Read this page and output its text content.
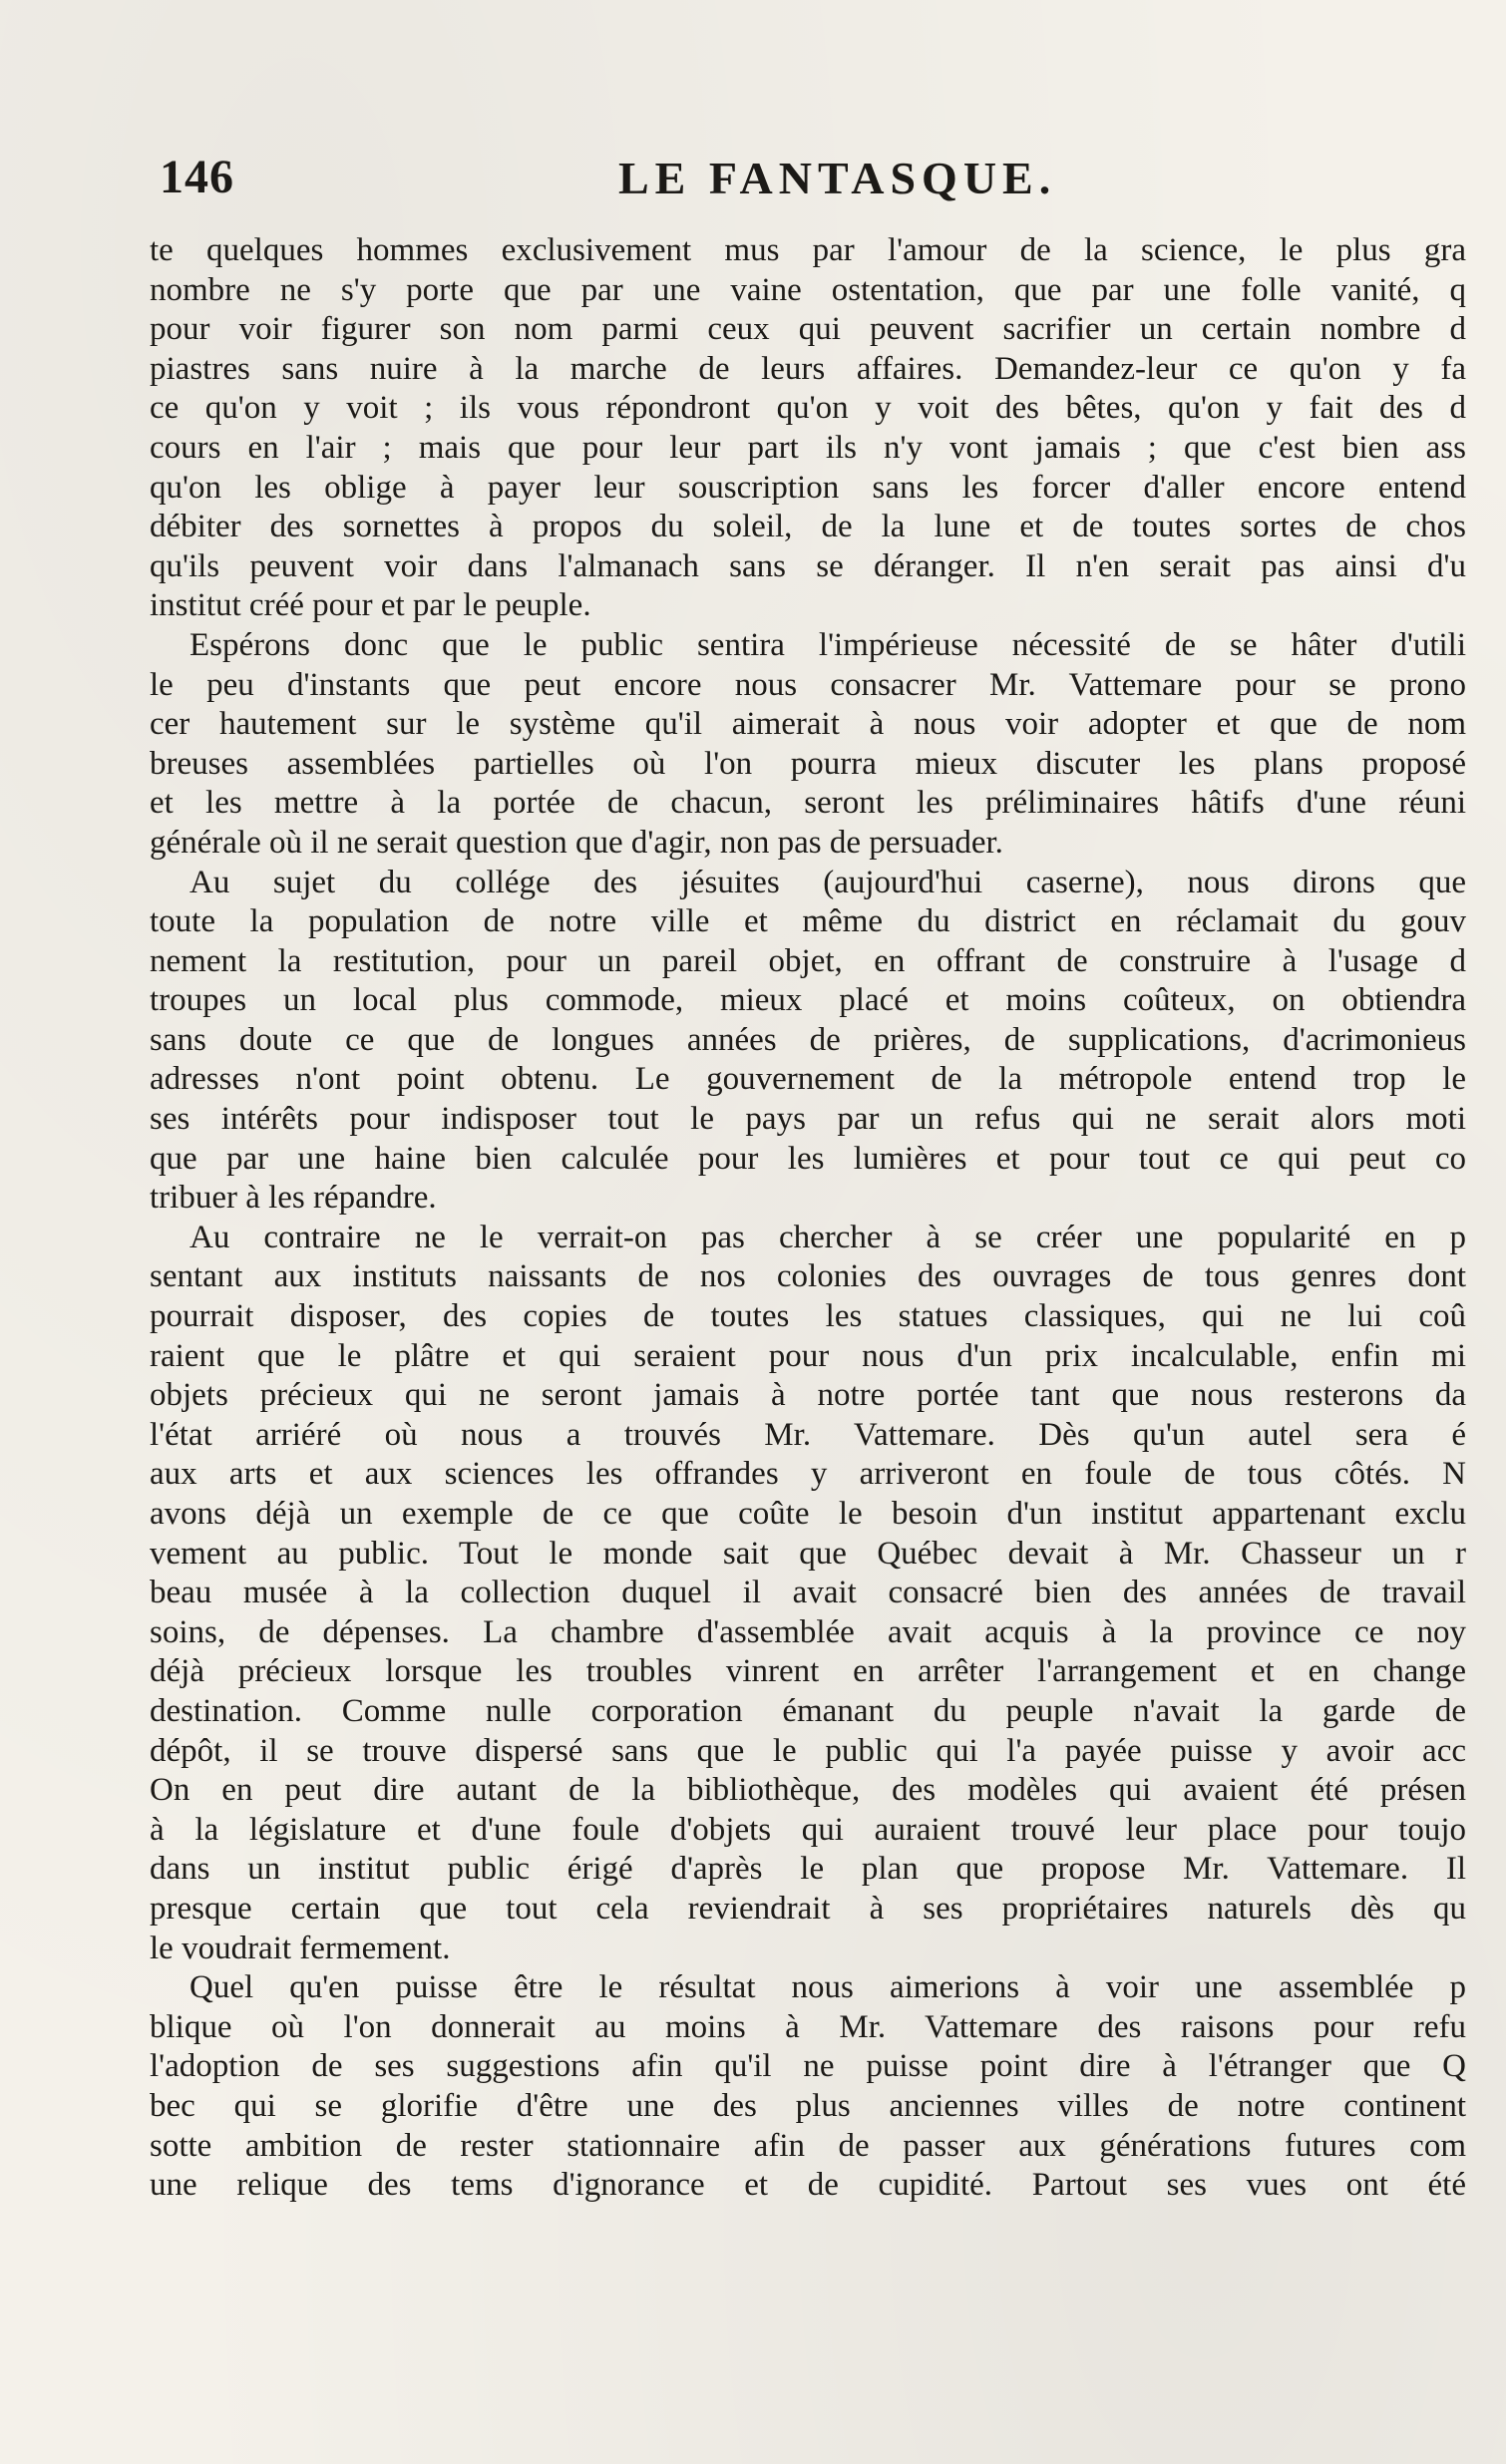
146	LE FANTASQUE.
te quelques hommes exclusivement mus par l'amour de la science, le plus gra
nombre ne s'y porte que par une vaine ostentation, que par une folle vanité, q
pour voir figurer son nom parmi ceux qui peuvent sacrifier un certain nombre d
piastres sans nuire à la marche de leurs affaires. Demandez-leur ce qu'on y fa
ce qu'on y voit ; ils vous répondront qu'on y voit des bêtes, qu'on y fait des d
cours en l'air ; mais que pour leur part ils n'y vont jamais ; que c'est bien ass
qu'on les oblige à payer leur souscription sans les forcer d'aller encore entend
débiter des sornettes à propos du soleil, de la lune et de toutes sortes de chos
qu'ils peuvent voir dans l'almanach sans se déranger. Il n'en serait pas ainsi d'u
institut créé pour et par le peuple.
Espérons donc que le public sentira l'impérieuse nécessité de se hâter d'utili
le peu d'instants que peut encore nous consacrer Mr. Vattemare pour se prono
cer hautement sur le système qu'il aimerait à nous voir adopter et que de nom
breuses assemblées partielles où l'on pourra mieux discuter les plans proposé
et les mettre à la portée de chacun, seront les préliminaires hâtifs d'une réuni
générale où il ne serait question que d'agir, non pas de persuader.
Au sujet du collége des jésuites (aujourd'hui caserne), nous dirons que
toute la population de notre ville et même du district en réclamait du gouv
nement la restitution, pour un pareil objet, en offrant de construire à l'usage d
troupes un local plus commode, mieux placé et moins coûteux, on obtiendra
sans doute ce que de longues années de prières, de supplications, d'acrimonieus
adresses n'ont point obtenu. Le gouvernement de la métropole entend trop le
ses intérêts pour indisposer tout le pays par un refus qui ne serait alors moti
que par une haine bien calculée pour les lumières et pour tout ce qui peut co
tribuer à les répandre.
Au contraire ne le verrait-on pas chercher à se créer une popularité en p
sentant aux instituts naissants de nos colonies des ouvrages de tous genres dont
pourrait disposer, des copies de toutes les statues classiques, qui ne lui coû
raient que le plâtre et qui seraient pour nous d'un prix incalculable, enfin mi
objets précieux qui ne seront jamais à notre portée tant que nous resterons da
l'état arriéré où nous a trouvés Mr. Vattemare. Dès qu'un autel sera é
aux arts et aux sciences les offrandes y arriveront en foule de tous côtés. N
avons déjà un exemple de ce que coûte le besoin d'un institut appartenant exclu
vement au public. Tout le monde sait que Québec devait à Mr. Chasseur un r
beau musée à la collection duquel il avait consacré bien des années de travail
soins, de dépenses. La chambre d'assemblée avait acquis à la province ce noy
déjà précieux lorsque les troubles vinrent en arrêter l'arrangement et en change
destination. Comme nulle corporation émanant du peuple n'avait la garde de
dépôt, il se trouve dispersé sans que le public qui l'a payée puisse y avoir acc
On en peut dire autant de la bibliothèque, des modèles qui avaient été présen
à la législature et d'une foule d'objets qui auraient trouvé leur place pour toujo
dans un institut public érigé d'après le plan que propose Mr. Vattemare. Il
presque certain que tout cela reviendrait à ses propriétaires naturels dès qu
le voudrait fermement.
Quel qu'en puisse être le résultat nous aimerions à voir une assemblée p
blique où l'on donnerait au moins à Mr. Vattemare des raisons pour refu
l'adoption de ses suggestions afin qu'il ne puisse point dire à l'étranger que Q
bec qui se glorifie d'être une des plus anciennes villes de notre continent
sotte ambition de rester stationnaire afin de passer aux générations futures com
une relique des tems d'ignorance et de cupidité. Partout ses vues ont été
